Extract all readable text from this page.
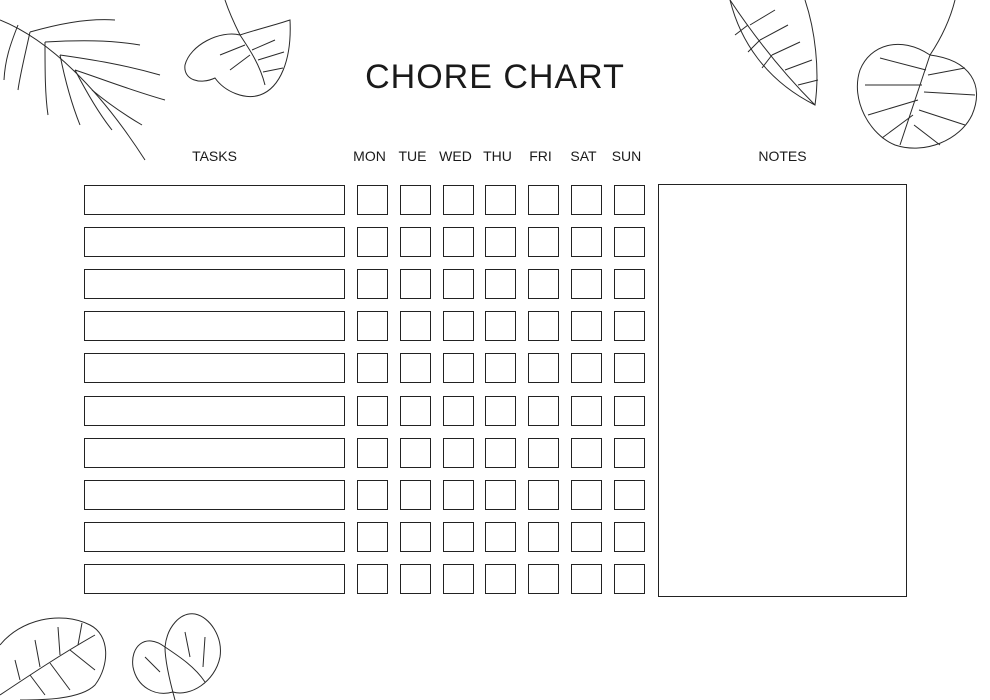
CHORE CHART
TASKS	MON TUE WED THU	FRI	SAT	SUN	NOTES
